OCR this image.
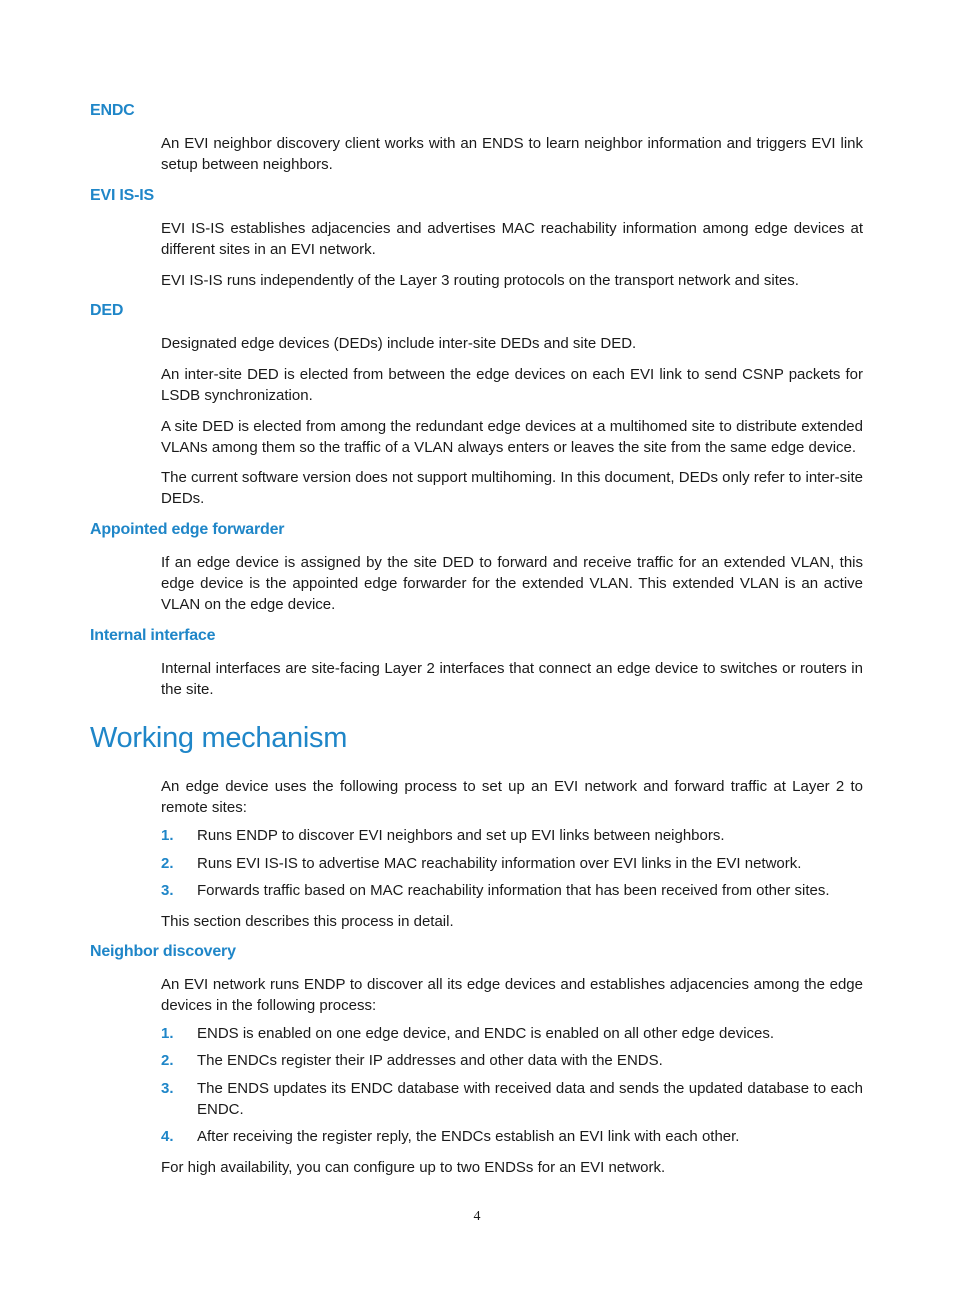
ENDC

An EVI neighbor discovery client works with an ENDS to learn neighbor information and triggers EVI link setup between neighbors.

EVI IS-IS

EVI IS-IS establishes adjacencies and advertises MAC reachability information among edge devices at different sites in an EVI network.

EVI IS-IS runs independently of the Layer 3 routing protocols on the transport network and sites.

DED

Designated edge devices (DEDs) include inter-site DEDs and site DED.

An inter-site DED is elected from between the edge devices on each EVI link to send CSNP packets for LSDB synchronization.

A site DED is elected from among the redundant edge devices at a multihomed site to distribute extended VLANs among them so the traffic of a VLAN always enters or leaves the site from the same edge device.

The current software version does not support multihoming. In this document, DEDs only refer to inter-site DEDs.

Appointed edge forwarder

If an edge device is assigned by the site DED to forward and receive traffic for an extended VLAN, this edge device is the appointed edge forwarder for the extended VLAN. This extended VLAN is an active VLAN on the edge device.

Internal interface

Internal interfaces are site-facing Layer 2 interfaces that connect an edge device to switches or routers in the site.

Working mechanism

An edge device uses the following process to set up an EVI network and forward traffic at Layer 2 to remote sites:

1. Runs ENDP to discover EVI neighbors and set up EVI links between neighbors.
2. Runs EVI IS-IS to advertise MAC reachability information over EVI links in the EVI network.
3. Forwards traffic based on MAC reachability information that has been received from other sites.

This section describes this process in detail.

Neighbor discovery

An EVI network runs ENDP to discover all its edge devices and establishes adjacencies among the edge devices in the following process:

1. ENDS is enabled on one edge device, and ENDC is enabled on all other edge devices.
2. The ENDCs register their IP addresses and other data with the ENDS.
3. The ENDS updates its ENDC database with received data and sends the updated database to each ENDC.
4. After receiving the register reply, the ENDCs establish an EVI link with each other.

For high availability, you can configure up to two ENDSs for an EVI network.

4
